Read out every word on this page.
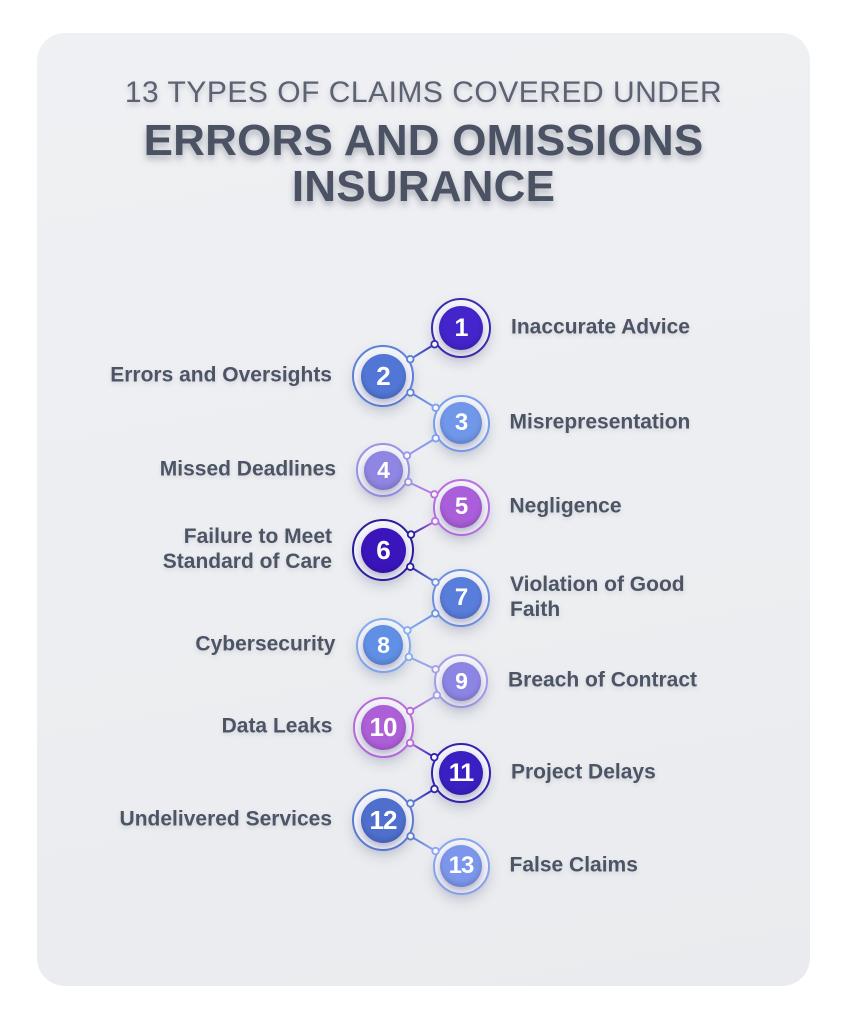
13 TYPES OF CLAIMS COVERED UNDER
ERRORS AND OMISSIONS
INSURANCE
1 Inaccurate Advice
2
Errors and Oversights
3 Misrepresentation
4
Missed Deadlines
5 Negligence
6
Failure to Meet Standard of Care
7 Violation of Good Faith
8
Cybersecurity
9 Breach of Contract
10
Data Leaks
11 Project Delays
12
Undelivered Services
13 False Claims
